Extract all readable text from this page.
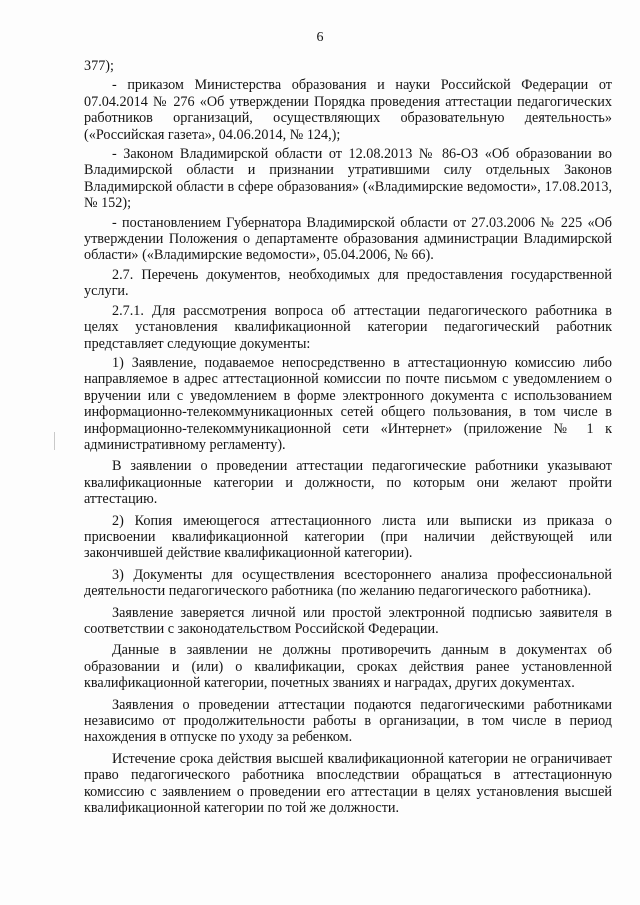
6

377);

- приказом Министерства образования и науки Российской Федерации от 07.04.2014 № 276 «Об утверждении Порядка проведения аттестации педагогических работников организаций, осуществляющих образовательную деятельность» («Российская газета», 04.06.2014, № 124,);

- Законом Владимирской области от 12.08.2013 № 86-ОЗ «Об образовании во Владимирской области и признании утратившими силу отдельных Законов Владимирской области в сфере образования» («Владимирские ведомости», 17.08.2013, № 152);

- постановлением Губернатора Владимирской области от 27.03.2006 № 225 «Об утверждении Положения о департаменте образования администрации Владимирской области» («Владимирские ведомости», 05.04.2006, № 66).

2.7. Перечень документов, необходимых для предоставления государственной услуги.

2.7.1. Для рассмотрения вопроса об аттестации педагогического работника в целях установления квалификационной категории педагогический работник представляет следующие документы:

1) Заявление, подаваемое непосредственно в аттестационную комиссию либо направляемое в адрес аттестационной комиссии по почте письмом с уведомлением о вручении или с уведомлением в форме электронного документа с использованием информационно-телекоммуникационных сетей общего пользования, в том числе в информационно-телекоммуникационной сети «Интернет» (приложение № 1 к административному регламенту).

В заявлении о проведении аттестации педагогические работники указывают квалификационные категории и должности, по которым они желают пройти аттестацию.

2) Копия имеющегося аттестационного листа или выписки из приказа о присвоении квалификационной категории (при наличии действующей или закончившей действие квалификационной категории).

3) Документы для осуществления всестороннего анализа профессиональной деятельности педагогического работника (по желанию педагогического работника).

Заявление заверяется личной или простой электронной подписью заявителя в соответствии с законодательством Российской Федерации.

Данные в заявлении не должны противоречить данным в документах об образовании и (или) о квалификации, сроках действия ранее установленной квалификационной категории, почетных званиях и наградах, других документах.

Заявления о проведении аттестации подаются педагогическими работниками независимо от продолжительности работы в организации, в том числе в период нахождения в отпуске по уходу за ребенком.

Истечение срока действия высшей квалификационной категории не ограничивает право педагогического работника впоследствии обращаться в аттестационную комиссию с заявлением о проведении его аттестации в целях установления высшей квалификационной категории по той же должности.
